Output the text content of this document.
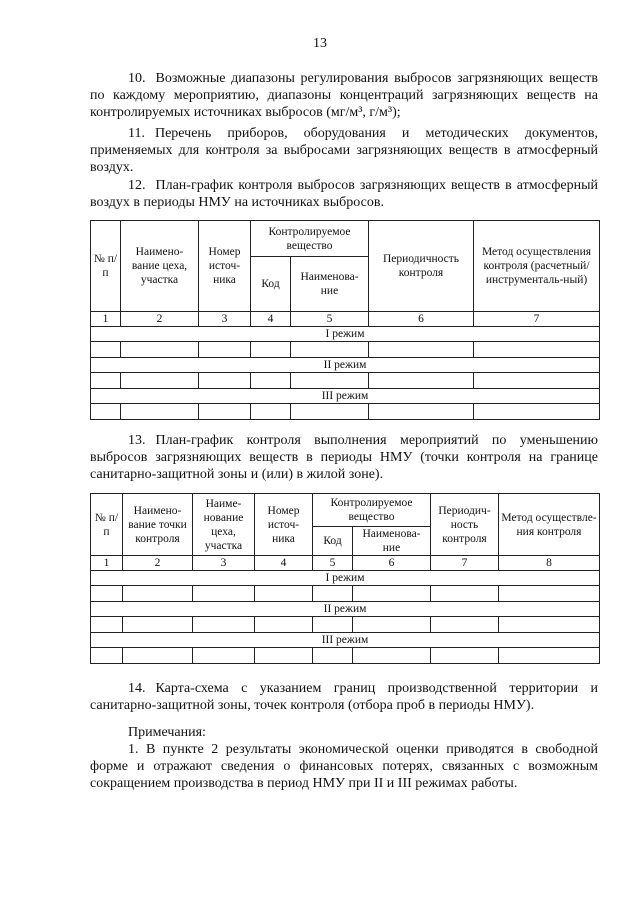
13
10. Возможные диапазоны регулирования выбросов загрязняющих веществ по каждому мероприятию, диапазоны концентраций загрязняющих веществ на контролируемых источниках выбросов (мг/м³, г/м³);
11. Перечень приборов, оборудования и методических документов, применяемых для контроля за выбросами загрязняющих веществ в атмосферный воздух.
12. План-график контроля выбросов загрязняющих веществ в атмосферный воздух в периоды НМУ на источниках выбросов.
№ п/п	Наимено-вание цеха, участка	Номер источ-ника	Контролируемое вещество		Периодичность контроля	Метод осуществления контроля (расчетный/ инструменталь-ный)
			Код	Наименова-ние		
1	2	3	4	5	6	7
I режим						

II режим						

III режим						

13. План-график контроля выполнения мероприятий по уменьшению выбросов загрязняющих веществ в периоды НМУ (точки контроля на границе санитарно-защитной зоны и (или) в жилой зоне).
№ п/п	Наимено-вание точки контроля	Наиме-нование цеха, участка	Номер источ-ника	Контролируемое вещество		Периодич-ность контроля	Метод осуществле-ния контроля
				Код	Наименова-ние		
1	2	3	4	5	6	7	8
I режим							

II режим							

III режим							

14. Карта-схема с указанием границ производственной территории и санитарно-защитной зоны, точек контроля (отбора проб в периоды НМУ).
Примечания:
1. В пункте 2 результаты экономической оценки приводятся в свободной форме и отражают сведения о финансовых потерях, связанных с возможным сокращением производства в период НМУ при II и III режимах работы.
